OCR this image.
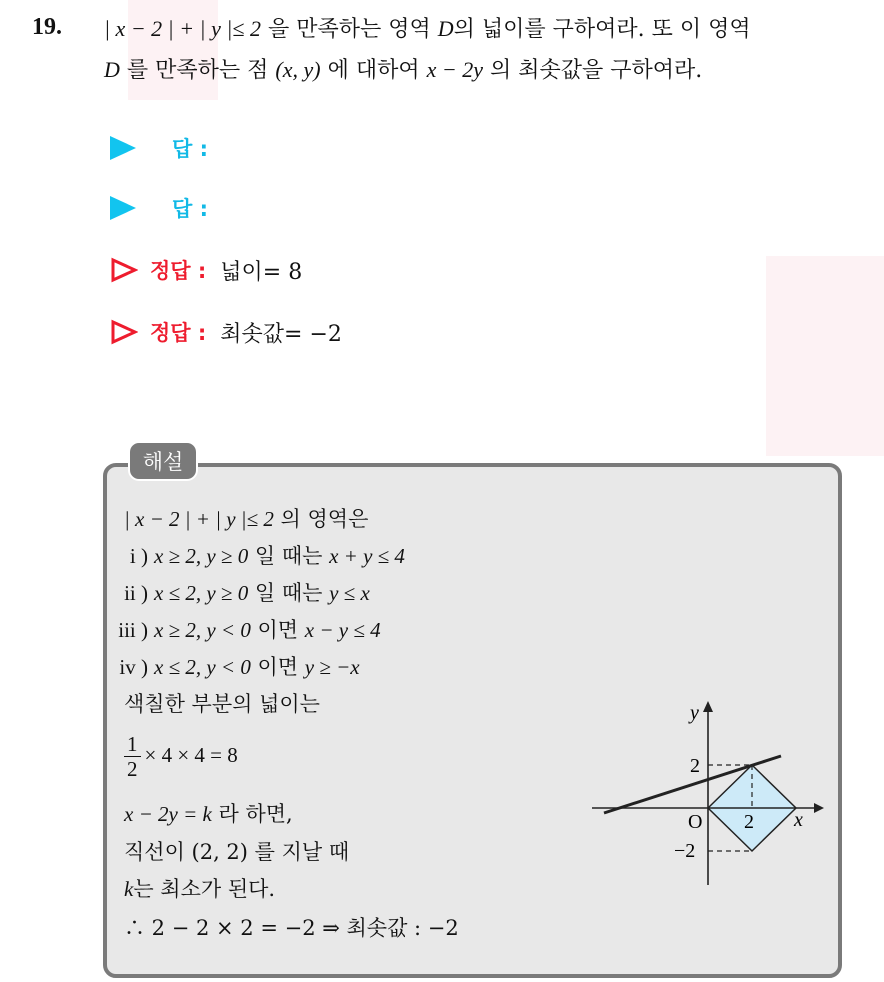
19. | x − 2 | + | y |≤ 2 을 만족하는 영역 D의 넓이를 구하여라. 또 이 영역
D 를 만족하는 점 (x, y) 에 대하여 x − 2y 의 최솟값을 구하여라.
답 :
답 :
정답 : 넓이= 8
정답 : 최솟값= −2
해설
| x − 2 | + | y |≤ 2 의 영역은
i ) x ≥ 2, y ≥ 0 일 때는 x + y ≤ 4
ii ) x ≤ 2, y ≥ 0 일 때는 y ≤ x
iii ) x ≥ 2, y < 0 이면 x − y ≤ 4
iv ) x ≤ 2, y < 0 이면 y ≥ −x
색칠한 부분의 넓이는
$\frac{1}{2} \times 4 \times 4 = 8$
x − 2y = k 라 하면,
직선이 (2, 2) 를 지날 때
k는 최소가 된다.
∴ 2 − 2 × 2 = −2 ⇒ 최솟값 : −2
y
x
O
2
2
−2
